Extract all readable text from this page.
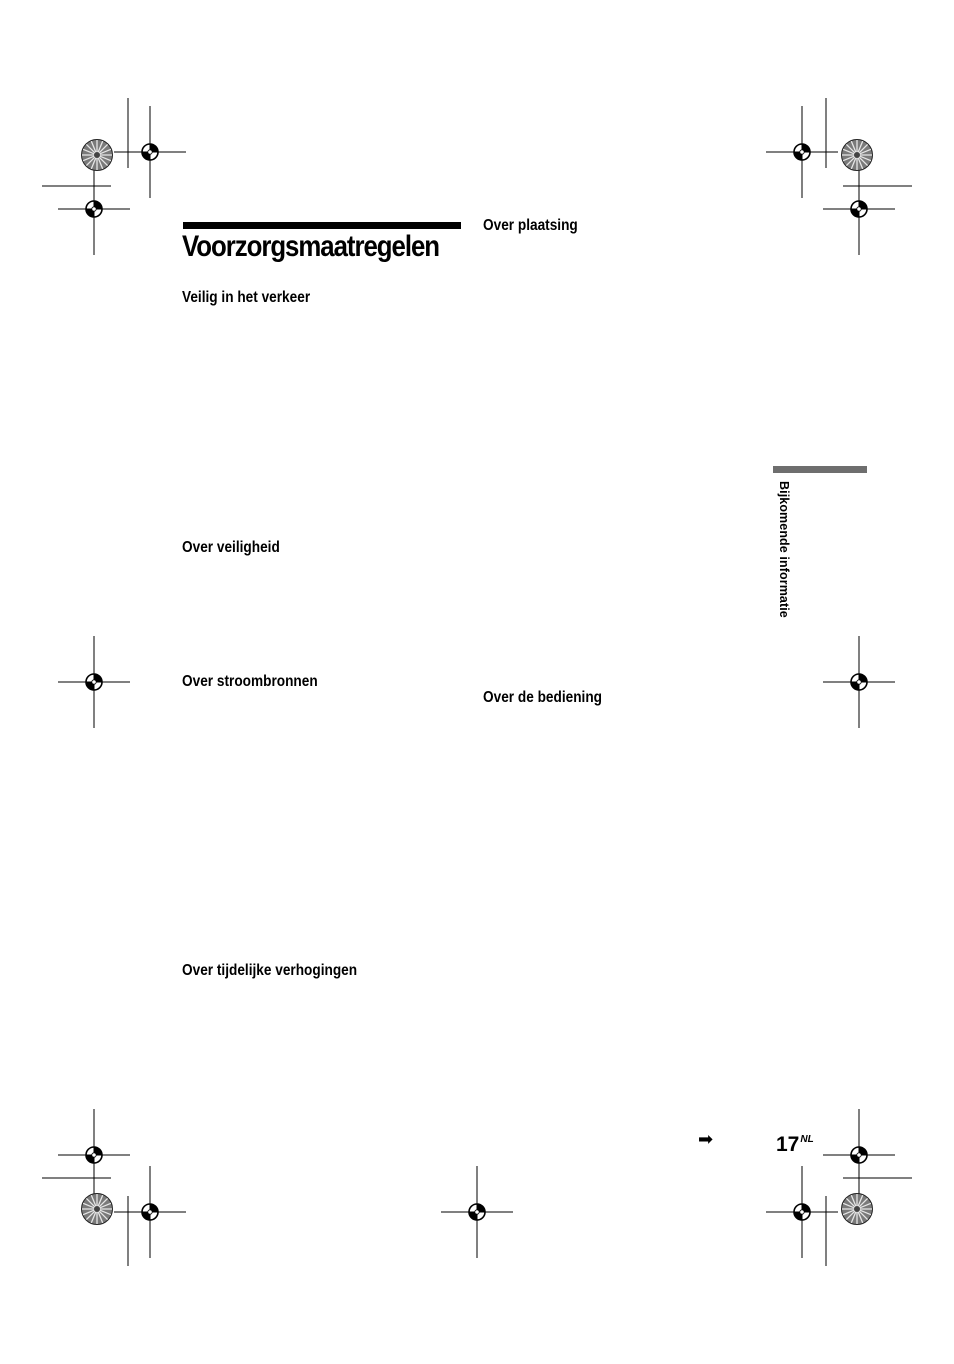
Voorzorgsmaatregelen
Veilig in het verkeer
Over veiligheid
Over stroombronnen
Over tijdelijke verhogingen
Over plaatsing
Over de bediening
Bijkomende informatie
➡	$17^{NL}$
